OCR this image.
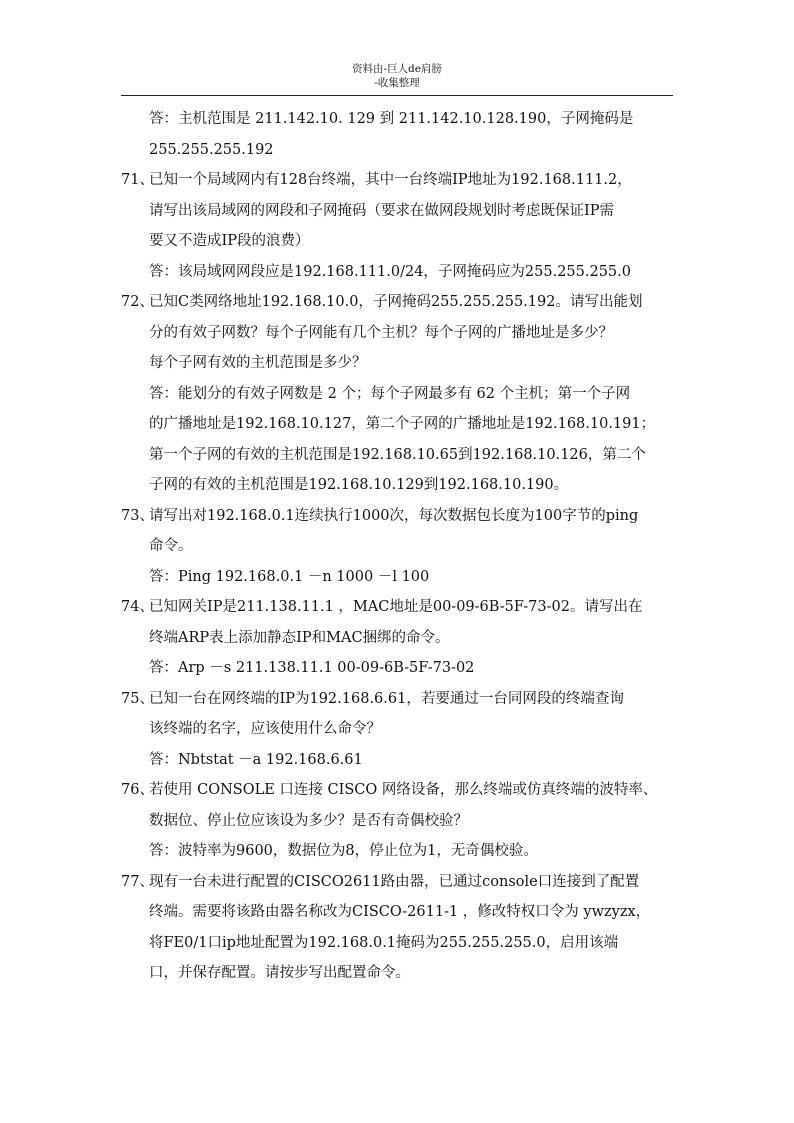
资料由-巨人de肩膀
-收集整理
答：主机范围是 211.142.10. 129 到 211.142.10.128.190，子网掩码是
255.255.255.192
71、
已知一个局域网内有128台终端，其中一台终端IP地址为192.168.111.2，
请写出该局域网的网段和子网掩码（要求在做网段规划时考虑既保证IP需
要又不造成IP段的浪费）
答：该局域网网段应是192.168.111.0/24，子网掩码应为255.255.255.0
72、
已知C类网络地址192.168.10.0，子网掩码255.255.255.192。请写出能划
分的有效子网数？每个子网能有几个主机？每个子网的广播地址是多少？
每个子网有效的主机范围是多少？
答：能划分的有效子网数是 2 个；每个子网最多有 62 个主机；第一个子网
的广播地址是192.168.10.127，第二个子网的广播地址是192.168.10.191；
第一个子网的有效的主机范围是192.168.10.65到192.168.10.126，第二个
子网的有效的主机范围是192.168.10.129到192.168.10.190。
73、
请写出对192.168.0.1连续执行1000次，每次数据包长度为100字节的ping
命令。
答：Ping 192.168.0.1 －n 1000 －l 100
74、
已知网关IP是211.138.11.1 ，MAC地址是00-09-6B-5F-73-02。请写出在
终端ARP表上添加静态IP和MAC捆绑的命令。
答：Arp －s 211.138.11.1 00-09-6B-5F-73-02
75、
已知一台在网终端的IP为192.168.6.61，若要通过一台同网段的终端查询
该终端的名字，应该使用什么命令？
答：Nbtstat －a 192.168.6.61
76、
若使用 CONSOLE 口连接 CISCO 网络设备，那么终端或仿真终端的波特率、
数据位、停止位应该设为多少？是否有奇偶校验？
答：波特率为9600，数据位为8，停止位为1，无奇偶校验。
77、
现有一台未进行配置的CISCO2611路由器，已通过console口连接到了配置
终端。需要将该路由器名称改为CISCO-2611-1 ，修改特权口令为 ywzyzx，
将FE0/1口ip地址配置为192.168.0.1掩码为255.255.255.0，启用该端
口，并保存配置。请按步写出配置命令。
